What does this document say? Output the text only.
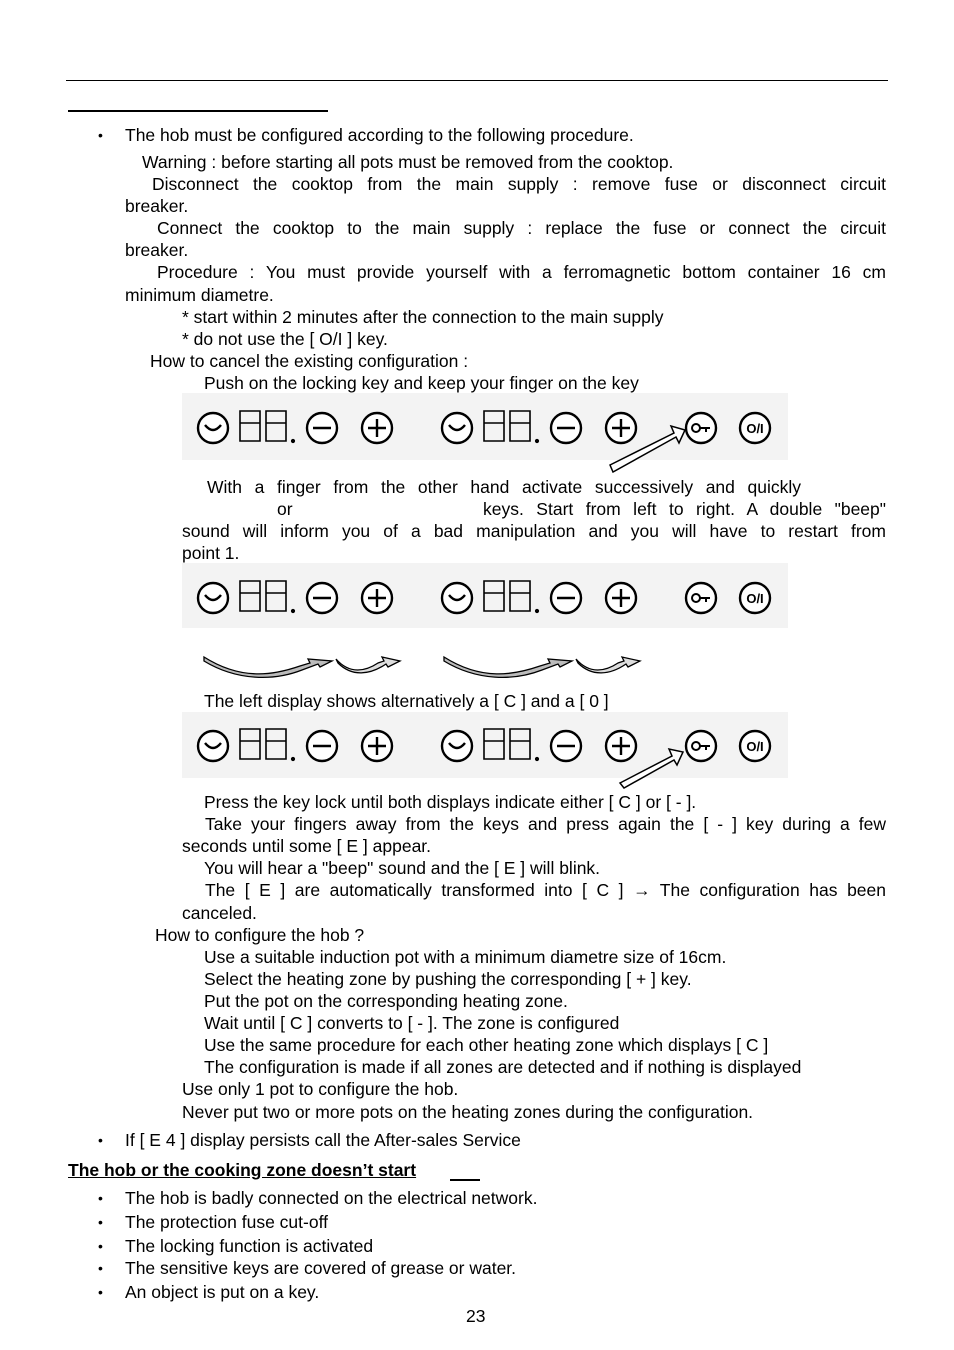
• The hob must be configured according to the following procedure.
Warning : before starting all pots must be removed from the cooktop.
Disconnect the cooktop from the main supply : remove fuse or disconnect circuit
breaker.
Connect the cooktop to the main supply : replace the fuse or connect the circuit
breaker.
Procedure : You must provide yourself with a ferromagnetic bottom container 16 cm
minimum diametre.
* start within 2 minutes after the connection to the main supply
* do not use the [ O/I ] key.
How to cancel the existing configuration :
Push on the locking key and keep your finger on the key
O/I
With a finger from the other hand activate successively and quickly
or	keys. Start from left to right. A double "beep"
sound will inform you of a bad manipulation and you will have to restart from
point 1.
O/I
The left display shows alternatively a [ C ] and a [ 0 ]
O/I
Press the key lock until both displays indicate either [ C ] or [ - ].
Take your fingers away from the keys and press again the [ - ] key during a few
seconds until some [ E ] appear.
You will hear a "beep" sound and the [ E ] will blink.
The [ E ] are automatically transformed into [ C ] → The configuration has been
canceled.
How to configure the hob ?
Use a suitable induction pot with a minimum diametre size of 16cm.
Select the heating zone by pushing the corresponding [ + ] key.
Put the pot on the corresponding heating zone.
Wait until [ C ] converts to [ - ]. The zone is configured
Use the same procedure for each other heating zone which displays [ C ]
The configuration is made if all zones are detected and if nothing is displayed
Use only 1 pot to configure the hob.
Never put two or more pots on the heating zones during the configuration.
• If [ E 4 ] display persists call the After-sales Service
The hob or the cooking zone doesn’t start
• The hob is badly connected on the electrical network.
• The protection fuse cut-off
• The locking function is activated
• The sensitive keys are covered of grease or water.
• An object is put on a key.
23
